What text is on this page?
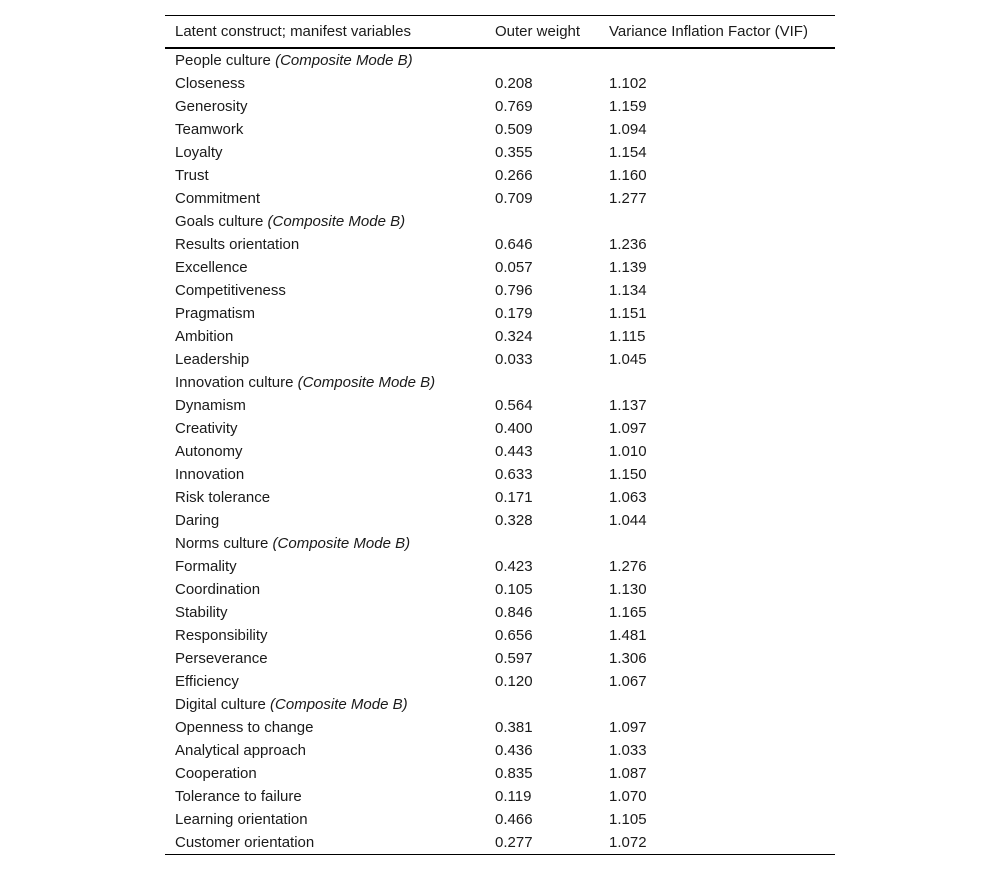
Latent construct; manifest variables	Outer weight	Variance Inflation Factor (VIF)
People culture (Composite Mode B)		
Closeness	0.208	1.102
Generosity	0.769	1.159
Teamwork	0.509	1.094
Loyalty	0.355	1.154
Trust	0.266	1.160
Commitment	0.709	1.277
Goals culture (Composite Mode B)		
Results orientation	0.646	1.236
Excellence	0.057	1.139
Competitiveness	0.796	1.134
Pragmatism	0.179	1.151
Ambition	0.324	1.115
Leadership	0.033	1.045
Innovation culture (Composite Mode B)		
Dynamism	0.564	1.137
Creativity	0.400	1.097
Autonomy	0.443	1.010
Innovation	0.633	1.150
Risk tolerance	0.171	1.063
Daring	0.328	1.044
Norms culture (Composite Mode B)		
Formality	0.423	1.276
Coordination	0.105	1.130
Stability	0.846	1.165
Responsibility	0.656	1.481
Perseverance	0.597	1.306
Efficiency	0.120	1.067
Digital culture (Composite Mode B)		
Openness to change	0.381	1.097
Analytical approach	0.436	1.033
Cooperation	0.835	1.087
Tolerance to failure	0.119	1.070
Learning orientation	0.466	1.105
Customer orientation	0.277	1.072
